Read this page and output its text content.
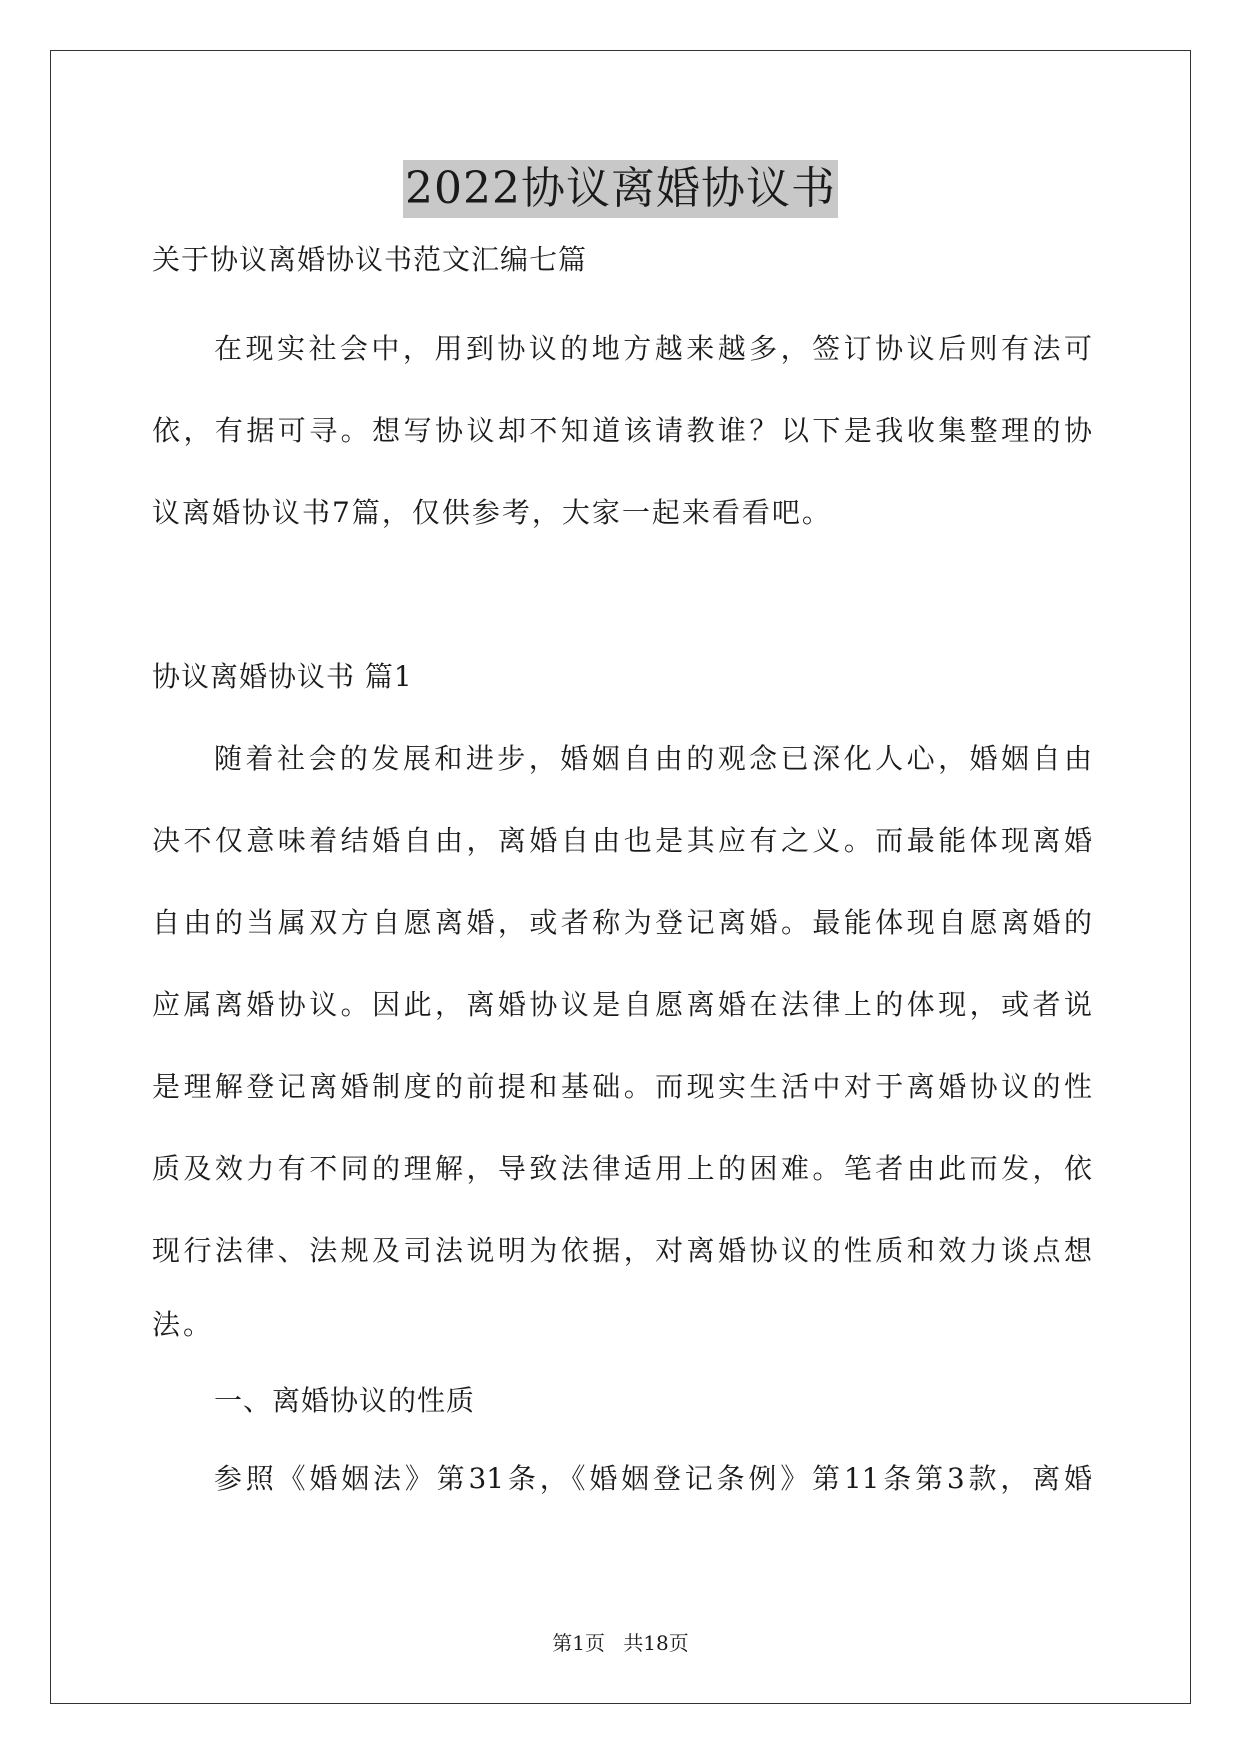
2022协议离婚协议书
关于协议离婚协议书范文汇编七篇
在现实社会中，用到协议的地方越来越多，签订协议后则有法可
依，有据可寻。想写协议却不知道该请教谁？以下是我收集整理的协
议离婚协议书7篇，仅供参考，大家一起来看看吧。
协议离婚协议书 篇1
随着社会的发展和进步，婚姻自由的观念已深化人心，婚姻自由
决不仅意味着结婚自由，离婚自由也是其应有之义。而最能体现离婚
自由的当属双方自愿离婚，或者称为登记离婚。最能体现自愿离婚的
应属离婚协议。因此，离婚协议是自愿离婚在法律上的体现，或者说
是理解登记离婚制度的前提和基础。而现实生活中对于离婚协议的性
质及效力有不同的理解，导致法律适用上的困难。笔者由此而发，依
现行法律、法规及司法说明为依据，对离婚协议的性质和效力谈点想
法。
一、离婚协议的性质
参照《婚姻法》第31条，《婚姻登记条例》第11条第3款，离婚
第1页 共18页
